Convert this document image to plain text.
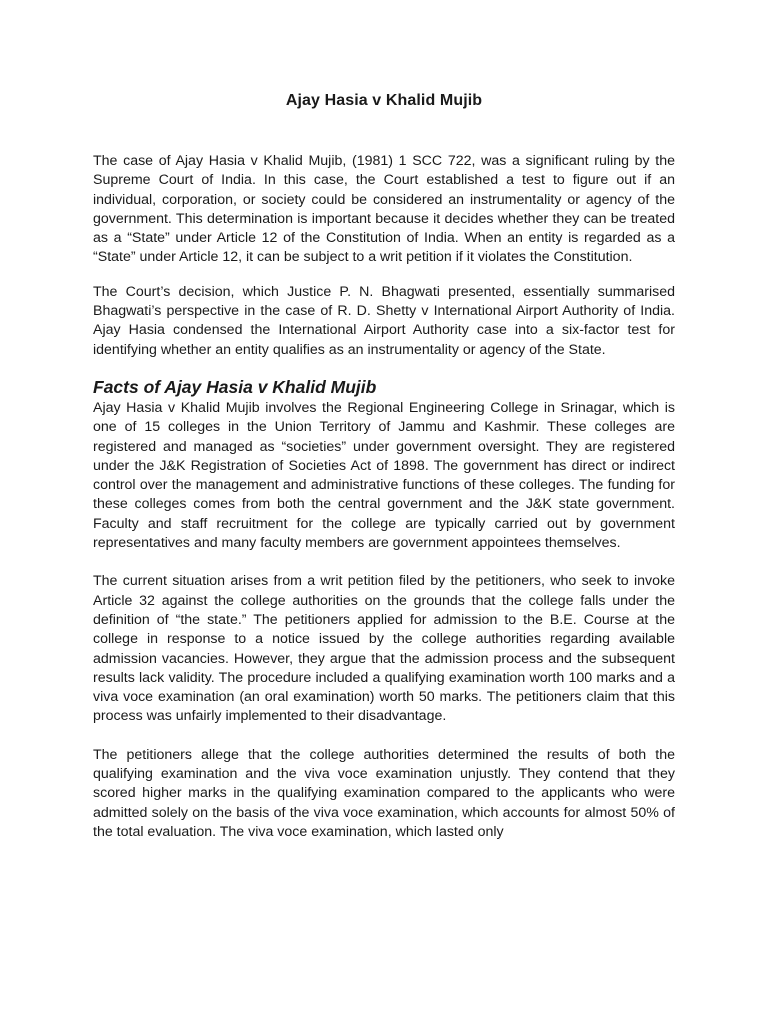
Ajay Hasia v Khalid Mujib

The case of Ajay Hasia v Khalid Mujib, (1981) 1 SCC 722, was a significant ruling by the Supreme Court of India. In this case, the Court established a test to figure out if an individual, corporation, or society could be considered an instrumentality or agency of the government. This determination is important because it decides whether they can be treated as a “State” under Article 12 of the Constitution of India. When an entity is regarded as a “State” under Article 12, it can be subject to a writ petition if it violates the Constitution.

The Court’s decision, which Justice P. N. Bhagwati presented, essentially summarised Bhagwati’s perspective in the case of R. D. Shetty v International Airport Authority of India. Ajay Hasia condensed the International Airport Authority case into a six-factor test for identifying whether an entity qualifies as an instrumentality or agency of the State.

Facts of Ajay Hasia v Khalid Mujib

Ajay Hasia v Khalid Mujib involves the Regional Engineering College in Srinagar, which is one of 15 colleges in the Union Territory of Jammu and Kashmir. These colleges are registered and managed as “societies” under government oversight. They are registered under the J&K Registration of Societies Act of 1898. The government has direct or indirect control over the management and administrative functions of these colleges. The funding for these colleges comes from both the central government and the J&K state government. Faculty and staff recruitment for the college are typically carried out by government representatives and many faculty members are government appointees themselves.

The current situation arises from a writ petition filed by the petitioners, who seek to invoke Article 32 against the college authorities on the grounds that the college falls under the definition of “the state.” The petitioners applied for admission to the B.E. Course at the college in response to a notice issued by the college authorities regarding available admission vacancies. However, they argue that the admission process and the subsequent results lack validity. The procedure included a qualifying examination worth 100 marks and a viva voce examination (an oral examination) worth 50 marks. The petitioners claim that this process was unfairly implemented to their disadvantage.

The petitioners allege that the college authorities determined the results of both the qualifying examination and the viva voce examination unjustly. They contend that they scored higher marks in the qualifying examination compared to the applicants who were admitted solely on the basis of the viva voce examination, which accounts for almost 50% of the total evaluation. The viva voce examination, which lasted only
